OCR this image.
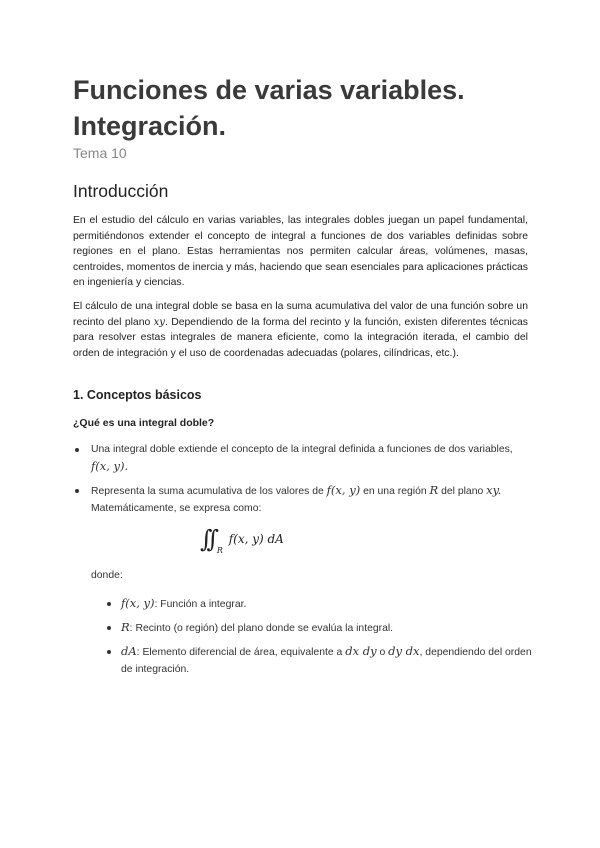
Funciones de varias variables. Integración.

Tema 10

Introducción

En el estudio del cálculo en varias variables, las integrales dobles juegan un papel fundamental, permitiéndonos extender el concepto de integral a funciones de dos variables definidas sobre regiones en el plano. Estas herramientas nos permiten calcular áreas, volúmenes, masas, centroides, momentos de inercia y más, haciendo que sean esenciales para aplicaciones prácticas en ingeniería y ciencias.

El cálculo de una integral doble se basa en la suma acumulativa del valor de una función sobre un recinto del plano xy. Dependiendo de la forma del recinto y la función, existen diferentes técnicas para resolver estas integrales de manera eficiente, como la integración iterada, el cambio del orden de integración y el uso de coordenadas adecuadas (polares, cilíndricas, etc.).

1. Conceptos básicos
¿Qué es una integral doble?
Una integral doble extiende el concepto de la integral definida a funciones de dos variables,
f(x, y).
Representa la suma acumulativa de los valores de f(x, y) en una región R del plano xy.
Matemáticamente, se expresa como:
∫∫ $_R$ f(x, y) dA

donde:

f(x, y): Función a integrar.
R: Recinto (o región) del plano donde se evalúa la integral.
dA: Elemento diferencial de área, equivalente a dx dy o dy dx, dependiendo del orden de integración.
